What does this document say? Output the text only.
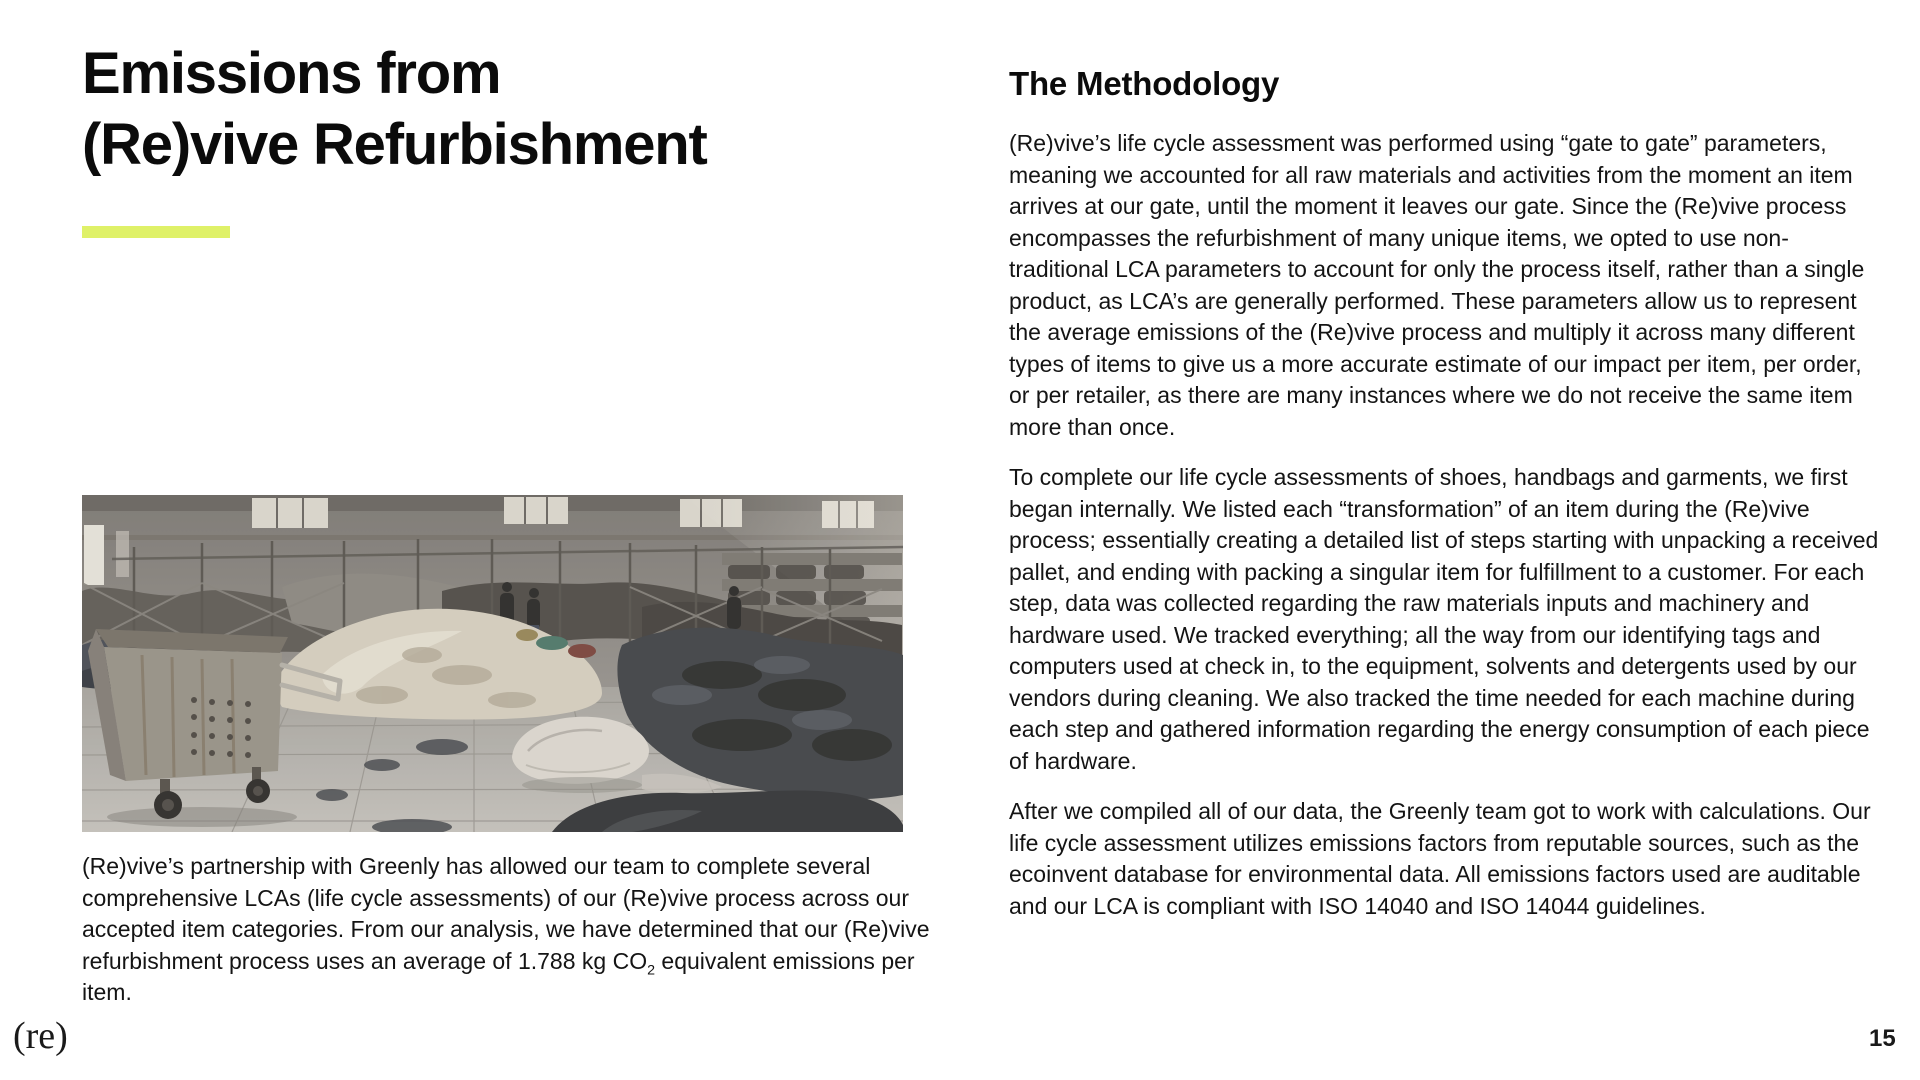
Emissions from
(Re)vive Refurbishment

(Re)vive’s partnership with Greenly has allowed our team to complete several comprehensive LCAs (life cycle assessments) of our (Re)vive process across our accepted item categories. From our analysis, we have determined that our (Re)vive refurbishment process uses an average of 1.788 kg $CO_2$ equivalent emissions per item.

The Methodology

(Re)vive’s life cycle assessment was performed using “gate to gate” parameters, meaning we accounted for all raw materials and activities from the moment an item arrives at our gate, until the moment it leaves our gate. Since the (Re)vive process encompasses the refurbishment of many unique items, we opted to use non-traditional LCA parameters to account for only the process itself, rather than a single product, as LCA’s are generally performed. These parameters allow us to represent the average emissions of the (Re)vive process and multiply it across many different types of items to give us a more accurate estimate of our impact per item, per order, or per retailer, as there are many instances where we do not receive the same item more than once.

To complete our life cycle assessments of shoes, handbags and garments, we first began internally. We listed each “transformation” of an item during the (Re)vive process; essentially creating a detailed list of steps starting with unpacking a received pallet, and ending with packing a singular item for fulfillment to a customer. For each step, data was collected regarding the raw materials inputs and machinery and hardware used. We tracked everything; all the way from our identifying tags and computers used at check in, to the equipment, solvents and detergents used by our vendors during cleaning. We also tracked the time needed for each machine during each step and gathered information regarding the energy consumption of each piece of hardware.

After we compiled all of our data, the Greenly team got to work with calculations. Our life cycle assessment utilizes emissions factors from reputable sources, such as the ecoinvent database for environmental data. All emissions factors used are auditable and our LCA is compliant with ISO 14040 and ISO 14044 guidelines.

(re)	15
